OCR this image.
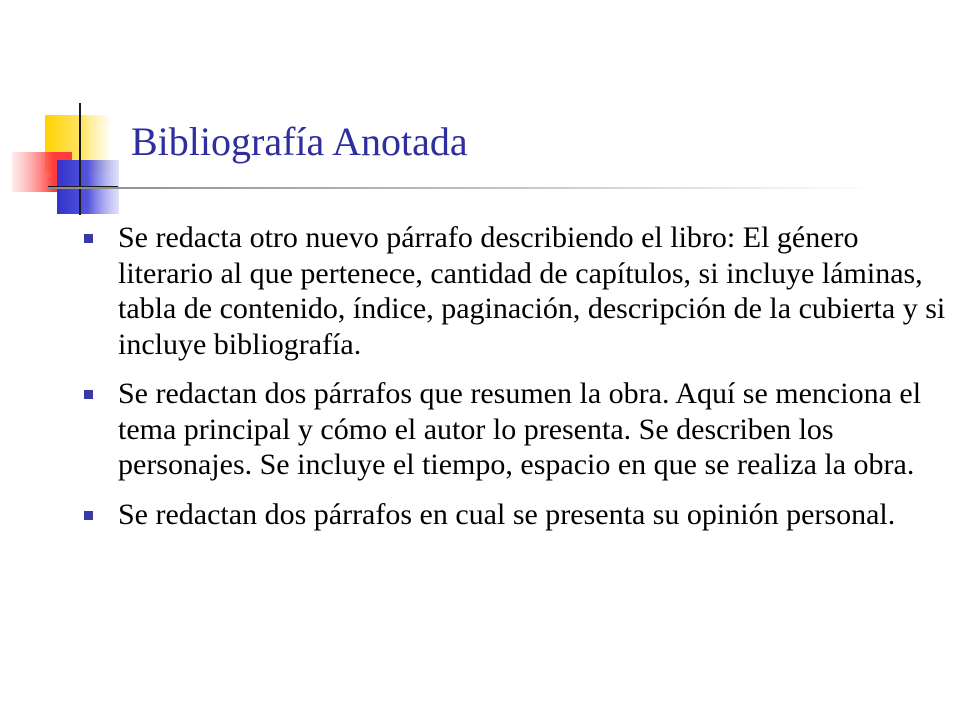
Bibliografía Anotada
Se redacta otro nuevo párrafo describiendo el libro: El género literario al que pertenece, cantidad de capítulos, si incluye láminas, tabla de contenido, índice, paginación, descripción de la cubierta y si incluye bibliografía.
Se redactan dos párrafos que resumen la obra. Aquí se menciona el tema principal y cómo el autor lo presenta. Se describen los personajes. Se incluye el tiempo, espacio en que se realiza la obra.
Se redactan dos párrafos en cual se presenta su opinión personal.
